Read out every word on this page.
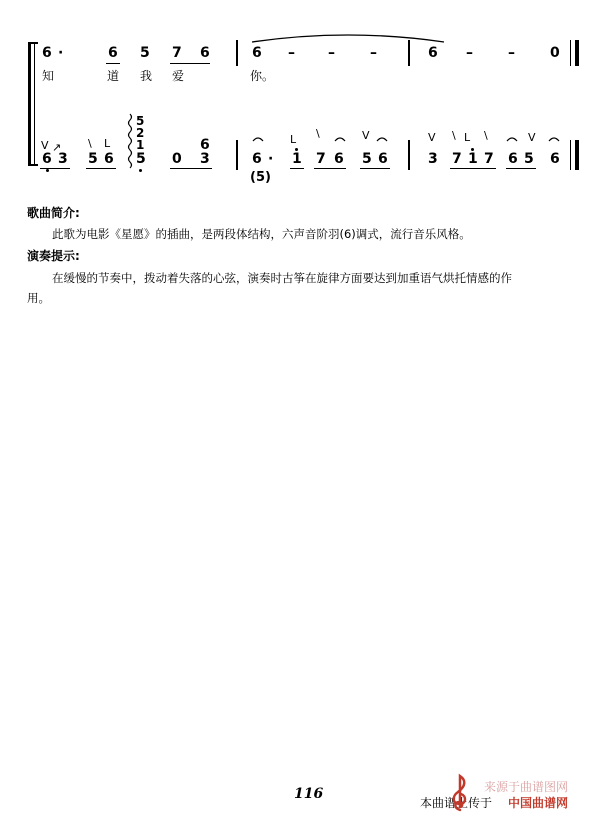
6 ·	6 5 7 6	6 – –	–	6 –	–	0
知	道 我 爱	你。
V ↗ \ L
6 3 5 6
5
2
1
5 0
6
3
L \	V
6 · 1 7 6 5 6
(5)
V \ L \	V
3 7 1 7 6 5 6
歌曲简介:
此歌为电影《星愿》的插曲，是两段体结构，六声音阶羽(6)调式，流行音乐风格。
演奏提示:
在缓慢的节奏中，拨动着失落的心弦，演奏时古筝在旋律方面要达到加重语气烘托情感的作
用。
116	来源于曲谱图网
本曲谱上传于 中国曲谱网
